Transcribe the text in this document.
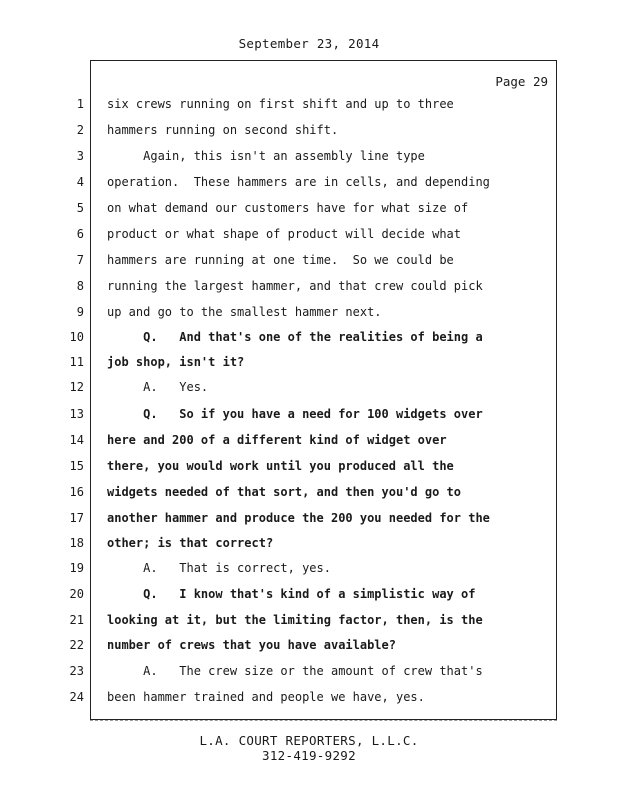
September 23, 2014
Page 29
1 six crews running on first shift and up to three
2 hammers running on second shift.
3 Again, this isn't an assembly line type
4 operation.  These hammers are in cells, and depending
5 on what demand our customers have for what size of
6 product or what shape of product will decide what
7 hammers are running at one time.  So we could be
8 running the largest hammer, and that crew could pick
9 up and go to the smallest hammer next.
10 Q.   And that's one of the realities of being a
11 job shop, isn't it?
12 A.   Yes.
13 Q.   So if you have a need for 100 widgets over
14 here and 200 of a different kind of widget over
15 there, you would work until you produced all the
16 widgets needed of that sort, and then you'd go to
17 another hammer and produce the 200 you needed for the
18 other; is that correct?
19 A.   That is correct, yes.
20 Q.   I know that's kind of a simplistic way of
21 looking at it, but the limiting factor, then, is the
22 number of crews that you have available?
23 A.   The crew size or the amount of crew that's
24 been hammer trained and people we have, yes.
L.A. COURT REPORTERS, L.L.C.
312-419-9292
